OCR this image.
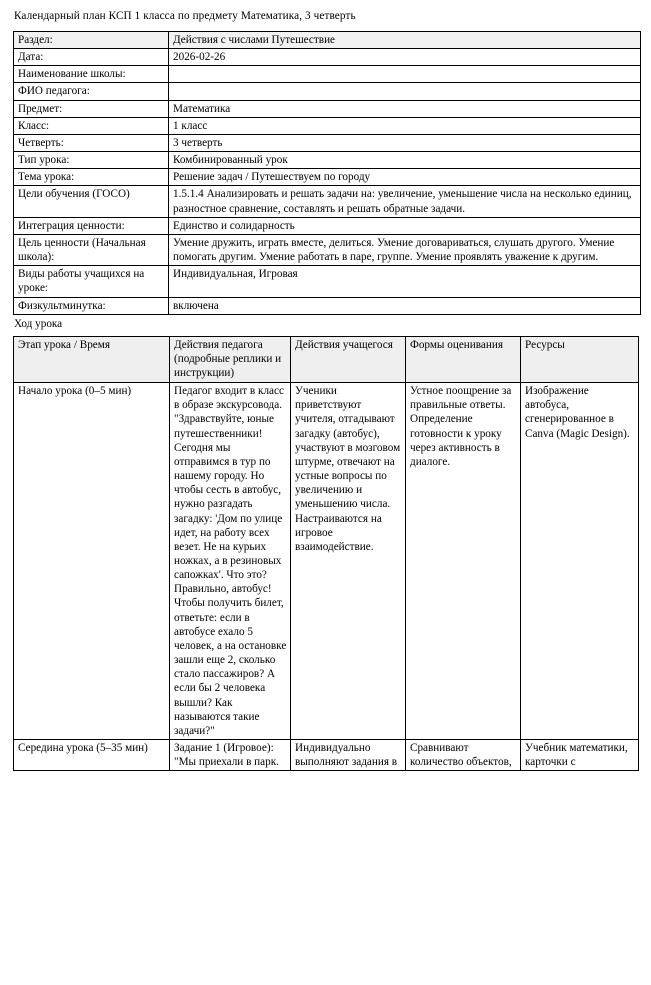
Календарный план КСП 1 класса по предмету Математика, 3 четверть
Раздел:	Действия с числами Путешествие
Дата:	2026-02-26
Наименование школы:	
ФИО педагога:	
Предмет:	Математика
Класс:	1 класс
Четверть:	3 четверть
Тип урока:	Комбинированный урок
Тема урока:	Решение задач / Путешествуем по городу
Цели обучения (ГОСО)	1.5.1.4 Анализировать и решать задачи на: увеличение, уменьшение числа на несколько единиц, разностное сравнение, составлять и решать обратные задачи.
Интеграция ценности:	Единство и солидарность
Цель ценности (Начальная школа):	Умение дружить, играть вместе, делиться. Умение договариваться, слушать другого. Умение помогать другим. Умение работать в паре, группе. Умение проявлять уважение к другим.
Виды работы учащихся на уроке:	Индивидуальная, Игровая
Физкультминутка:	включена
Ход урока
Этап урока / Время	Действия педагога (подробные реплики и инструкции)	Действия учащегося	Формы оценивания	Ресурсы
Начало урока (0–5 мин)	Педагог входит в класс в образе экскурсовода. "Здравствуйте, юные путешественники! Сегодня мы отправимся в тур по нашему городу. Но чтобы сесть в автобус, нужно разгадать загадку: 'Дом по улице идет, на работу всех везет. Не на курьих ножках, а в резиновых сапожках'. Что это? Правильно, автобус! Чтобы получить билет, ответьте: если в автобусе ехало 5 человек, а на остановке зашли еще 2, сколько стало пассажиров? А если бы 2 человека вышли? Как называются такие задачи?"	Ученики приветствуют учителя, отгадывают загадку (автобус), участвуют в мозговом штурме, отвечают на устные вопросы по увеличению и уменьшению числа. Настраиваются на игровое взаимодействие.	Устное поощрение за правильные ответы. Определение готовности к уроку через активность в диалоге.	Изображение автобуса, сгенерированное в Canva (Magic Design).
Середина урока (5–35 мин)	Задание 1 (Игровое): "Мы приехали в парк.	Индивидуально выполняют задания в	Сравнивают количество объектов,	Учебник математики, карточки с
